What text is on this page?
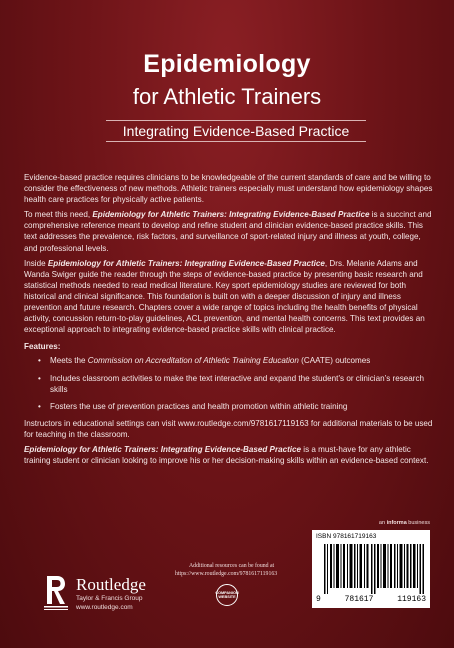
Epidemiology
for Athletic Trainers
Integrating Evidence-Based Practice

Evidence-based practice requires clinicians to be knowledgeable of the current standards of care and be willing to consider the effectiveness of new methods. Athletic trainers especially must understand how epidemiology shapes health care practices for physically active patients.

To meet this need, Epidemiology for Athletic Trainers: Integrating Evidence-Based Practice is a succinct and comprehensive reference meant to develop and refine student and clinician evidence-based practice skills. This text addresses the prevalence, risk factors, and surveillance of sport-related injury and illness at youth, college, and professional levels.

Inside Epidemiology for Athletic Trainers: Integrating Evidence-Based Practice, Drs. Melanie Adams and Wanda Swiger guide the reader through the steps of evidence-based practice by presenting basic research and statistical methods needed to read medical literature. Key sport epidemiology studies are reviewed for both historical and clinical significance. This foundation is built on with a deeper discussion of injury and illness prevention and future research. Chapters cover a wide range of topics including the health benefits of physical activity, concussion return-to-play guidelines, ACL prevention, and mental health concerns. This text provides an exceptional approach to integrating evidence-based practice skills with clinical practice.

Features:
• Meets the Commission on Accreditation of Athletic Training Education (CAATE) outcomes
• Includes classroom activities to make the text interactive and expand the student’s or clinician’s research skills
• Fosters the use of prevention practices and health promotion within athletic training

Instructors in educational settings can visit www.routledge.com/9781617119163 for additional materials to be used for teaching in the classroom.

Epidemiology for Athletic Trainers: Integrating Evidence-Based Practice is a must-have for any athletic training student or clinician looking to improve his or her decision-making skills within an evidence-based context.

an informa business
ISBN 978161719163
9	781617	119163
Routledge
Taylor & Francis Group
www.routledge.com
Additional resources can be found at
https://www.routledge.com/9781617119163
COMPANION WEBSITE
